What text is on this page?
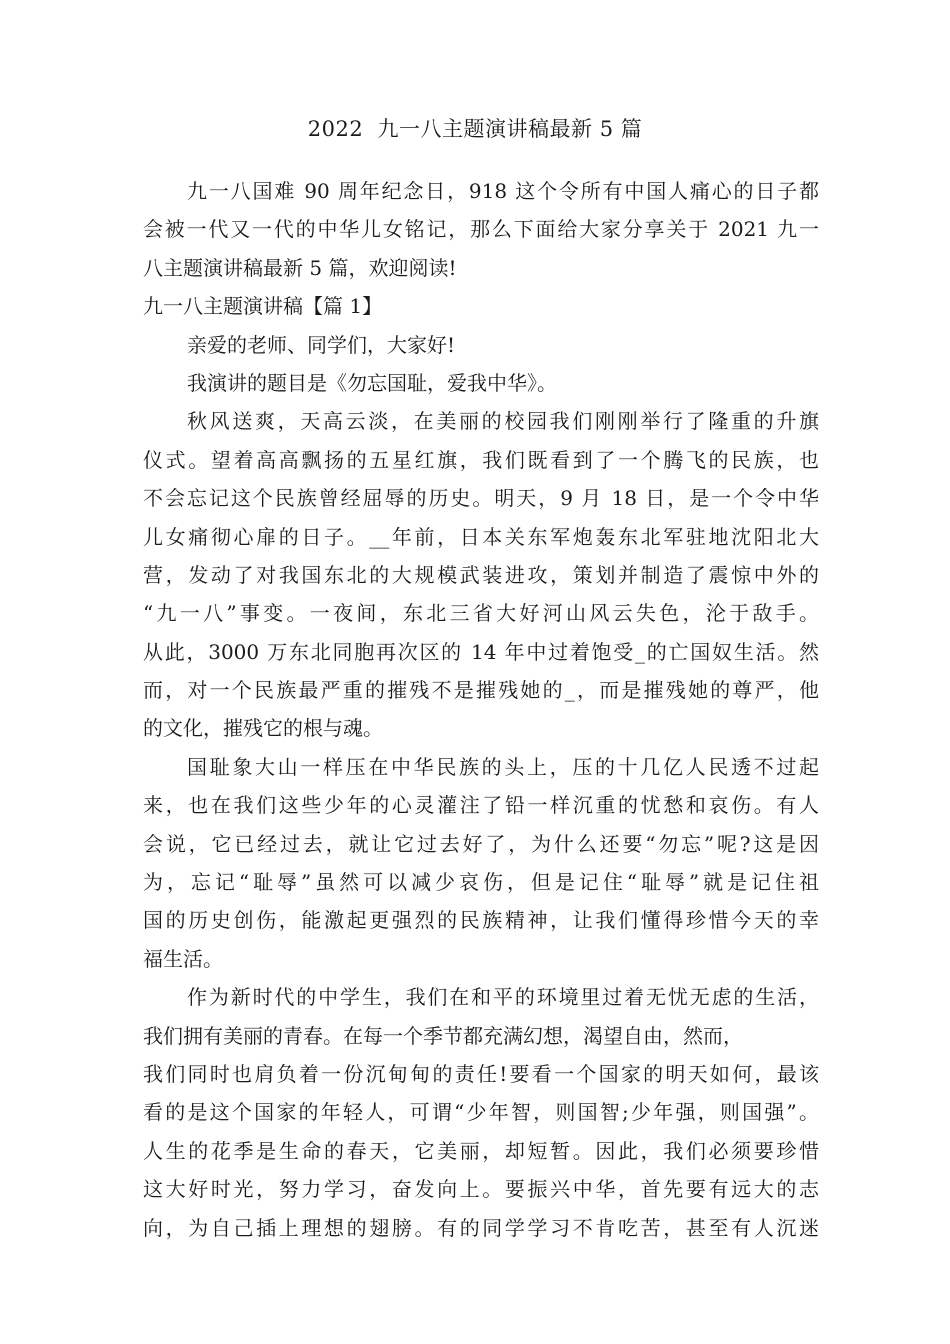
2022  九一八主题演讲稿最新 5 篇
九一八国难 90 周年纪念日，918 这个令所有中国人痛心的日子都
会被一代又一代的中华儿女铭记，那么下面给大家分享关于 2021 九一
八主题演讲稿最新 5 篇，欢迎阅读!
九一八主题演讲稿【篇 1】
亲爱的老师、同学们，大家好!
我演讲的题目是《勿忘国耻，爱我中华》。
秋风送爽，天高云淡，在美丽的校园我们刚刚举行了隆重的升旗
仪式。望着高高飘扬的五星红旗，我们既看到了一个腾飞的民族，也
不会忘记这个民族曾经屈辱的历史。明天，9 月 18 日，是一个令中华
儿女痛彻心扉的日子。__年前，日本关东军炮轰东北军驻地沈阳北大
营，发动了对我国东北的大规模武装进攻，策划并制造了震惊中外的
“九一八”事变。一夜间，东北三省大好河山风云失色，沦于敌手。
从此，3000 万东北同胞再次区的 14 年中过着饱受_的亡国奴生活。然
而，对一个民族最严重的摧残不是摧残她的_，而是摧残她的尊严，他
的文化，摧残它的根与魂。
国耻象大山一样压在中华民族的头上，压的十几亿人民透不过起
来，也在我们这些少年的心灵灌注了铅一样沉重的忧愁和哀伤。有人
会说，它已经过去，就让它过去好了，为什么还要“勿忘”呢?这是因
为，忘记“耻辱”虽然可以减少哀伤，但是记住“耻辱”就是记住祖
国的历史创伤，能激起更强烈的民族精神，让我们懂得珍惜今天的幸
福生活。
作为新时代的中学生，我们在和平的环境里过着无忧无虑的生活，
我们拥有美丽的青春。在每一个季节都充满幻想，渴望自由，然而，
我们同时也肩负着一份沉甸甸的责任!要看一个国家的明天如何，最该
看的是这个国家的年轻人，可谓“少年智，则国智;少年强，则国强”。
人生的花季是生命的春天，它美丽，却短暂。因此，我们必须要珍惜
这大好时光，努力学习，奋发向上。要振兴中华，首先要有远大的志
向，为自己插上理想的翅膀。有的同学学习不肯吃苦，甚至有人沉迷
